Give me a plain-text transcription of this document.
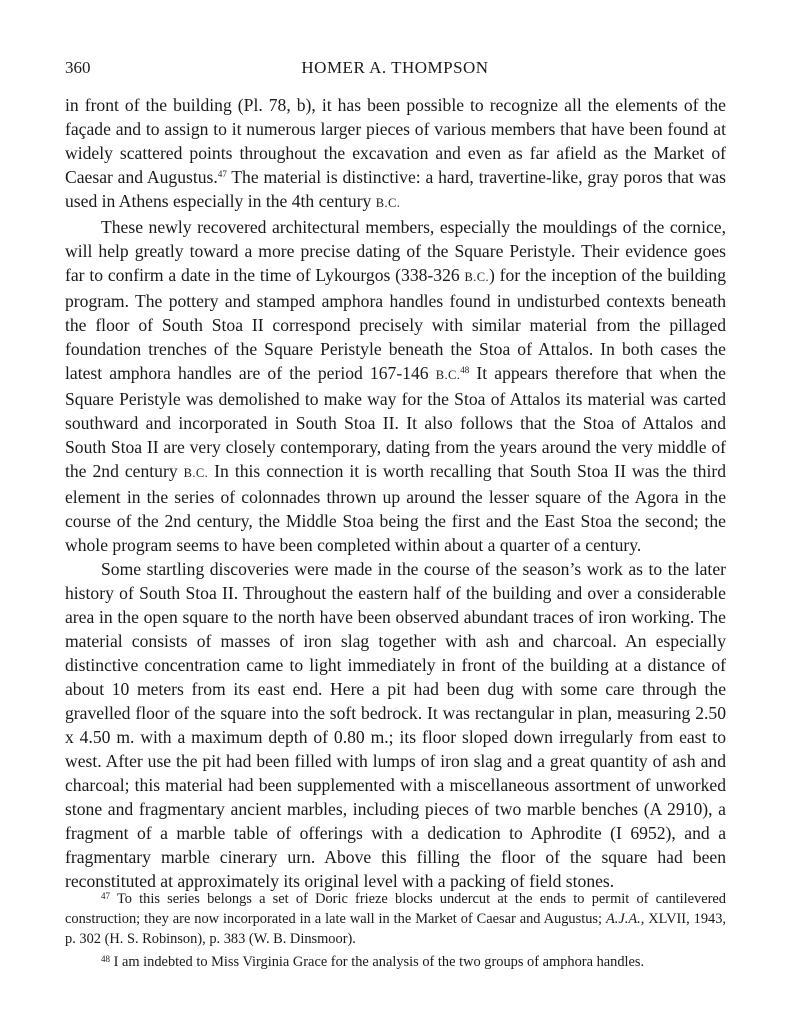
360	HOMER A. THOMPSON

in front of the building (Pl. 78, b), it has been possible to recognize all the elements of the façade and to assign to it numerous larger pieces of various members that have been found at widely scattered points throughout the excavation and even as far afield as the Market of Caesar and Augustus.$^{47}$ The material is distinctive: a hard, travertine-like, gray poros that was used in Athens especially in the 4th century B.C.

These newly recovered architectural members, especially the mouldings of the cornice, will help greatly toward a more precise dating of the Square Peristyle. Their evidence goes far to confirm a date in the time of Lykourgos (338-326 B.C.) for the inception of the building program. The pottery and stamped amphora handles found in undisturbed contexts beneath the floor of South Stoa II correspond precisely with similar material from the pillaged foundation trenches of the Square Peristyle beneath the Stoa of Attalos. In both cases the latest amphora handles are of the period 167-146 B.C.$^{48}$ It appears therefore that when the Square Peristyle was demolished to make way for the Stoa of Attalos its material was carted southward and incorporated in South Stoa II. It also follows that the Stoa of Attalos and South Stoa II are very closely contemporary, dating from the years around the very middle of the 2nd century B.C. In this connection it is worth recalling that South Stoa II was the third element in the series of colonnades thrown up around the lesser square of the Agora in the course of the 2nd century, the Middle Stoa being the first and the East Stoa the second; the whole program seems to have been completed within about a quarter of a century.

Some startling discoveries were made in the course of the season’s work as to the later history of South Stoa II. Throughout the eastern half of the building and over a considerable area in the open square to the north have been observed abundant traces of iron working. The material consists of masses of iron slag together with ash and charcoal. An especially distinctive concentration came to light immediately in front of the building at a distance of about 10 meters from its east end. Here a pit had been dug with some care through the gravelled floor of the square into the soft bedrock. It was rectangular in plan, measuring 2.50 x 4.50 m. with a maximum depth of 0.80 m.; its floor sloped down irregularly from east to west. After use the pit had been filled with lumps of iron slag and a great quantity of ash and charcoal; this material had been supplemented with a miscellaneous assortment of unworked stone and fragmentary ancient marbles, including pieces of two marble benches (A 2910), a fragment of a marble table of offerings with a dedication to Aphrodite (I 6952), and a fragmentary marble cinerary urn. Above this filling the floor of the square had been reconstituted at approximately its original level with a packing of field stones.

$^{47}$ To this series belongs a set of Doric frieze blocks undercut at the ends to permit of cantilevered construction; they are now incorporated in a late wall in the Market of Caesar and Augustus; A.J.A., XLVII, 1943, p. 302 (H. S. Robinson), p. 383 (W. B. Dinsmoor).

$^{48}$ I am indebted to Miss Virginia Grace for the analysis of the two groups of amphora handles.
